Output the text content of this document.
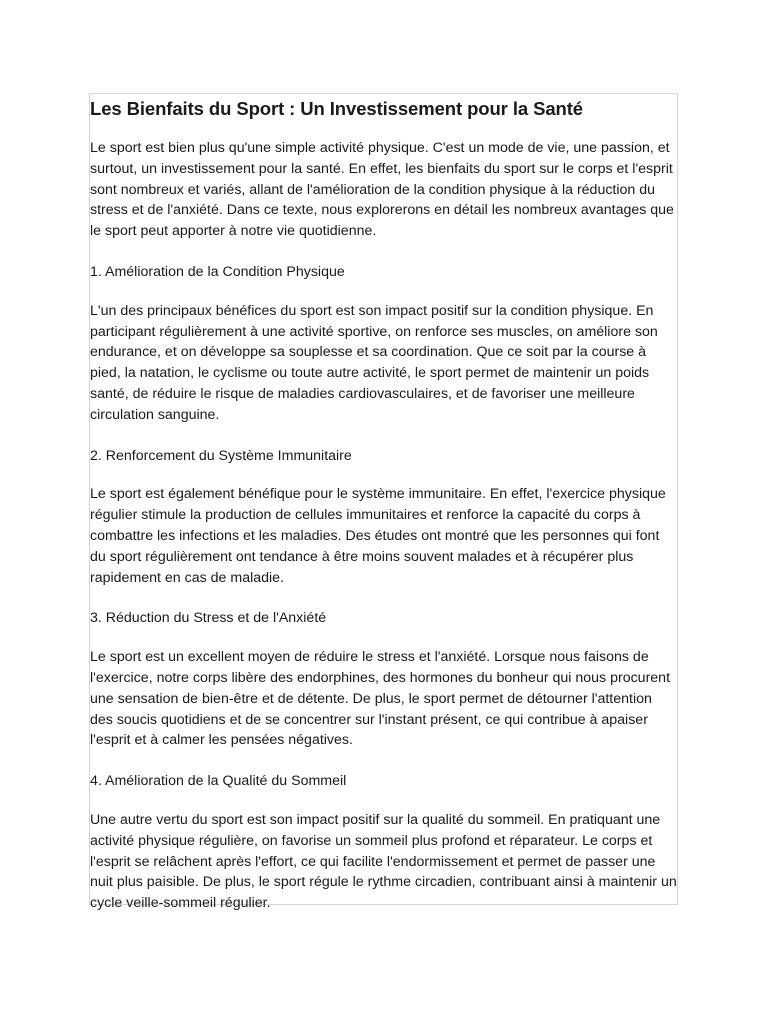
Les Bienfaits du Sport : Un Investissement pour la Santé

Le sport est bien plus qu'une simple activité physique. C'est un mode de vie, une passion, et surtout, un investissement pour la santé. En effet, les bienfaits du sport sur le corps et l'esprit sont nombreux et variés, allant de l'amélioration de la condition physique à la réduction du stress et de l'anxiété. Dans ce texte, nous explorerons en détail les nombreux avantages que le sport peut apporter à notre vie quotidienne.

1. Amélioration de la Condition Physique

L'un des principaux bénéfices du sport est son impact positif sur la condition physique. En participant régulièrement à une activité sportive, on renforce ses muscles, on améliore son endurance, et on développe sa souplesse et sa coordination. Que ce soit par la course à pied, la natation, le cyclisme ou toute autre activité, le sport permet de maintenir un poids santé, de réduire le risque de maladies cardiovasculaires, et de favoriser une meilleure circulation sanguine.

2. Renforcement du Système Immunitaire

Le sport est également bénéfique pour le système immunitaire. En effet, l'exercice physique régulier stimule la production de cellules immunitaires et renforce la capacité du corps à combattre les infections et les maladies. Des études ont montré que les personnes qui font du sport régulièrement ont tendance à être moins souvent malades et à récupérer plus rapidement en cas de maladie.

3. Réduction du Stress et de l'Anxiété

Le sport est un excellent moyen de réduire le stress et l'anxiété. Lorsque nous faisons de l'exercice, notre corps libère des endorphines, des hormones du bonheur qui nous procurent une sensation de bien-être et de détente. De plus, le sport permet de détourner l'attention des soucis quotidiens et de se concentrer sur l'instant présent, ce qui contribue à apaiser l'esprit et à calmer les pensées négatives.

4. Amélioration de la Qualité du Sommeil

Une autre vertu du sport est son impact positif sur la qualité du sommeil. En pratiquant une activité physique régulière, on favorise un sommeil plus profond et réparateur. Le corps et l'esprit se relâchent après l'effort, ce qui facilite l'endormissement et permet de passer une nuit plus paisible. De plus, le sport régule le rythme circadien, contribuant ainsi à maintenir un cycle veille-sommeil régulier.
